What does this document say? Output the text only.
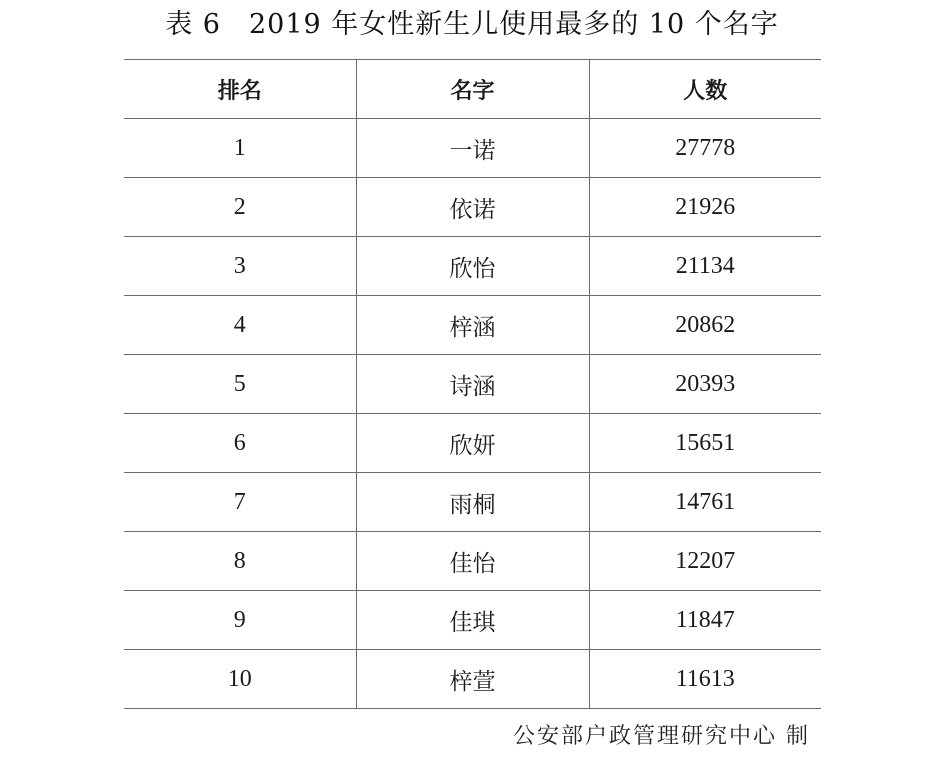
表 6　2019 年女性新生儿使用最多的 10 个名字
排名	名字	人数
1	一诺	27778
2	依诺	21926
3	欣怡	21134
4	梓涵	20862
5	诗涵	20393
6	欣妍	15651
7	雨桐	14761
8	佳怡	12207
9	佳琪	11847
10	梓萱	11613
公安部户政管理研究中心 制
